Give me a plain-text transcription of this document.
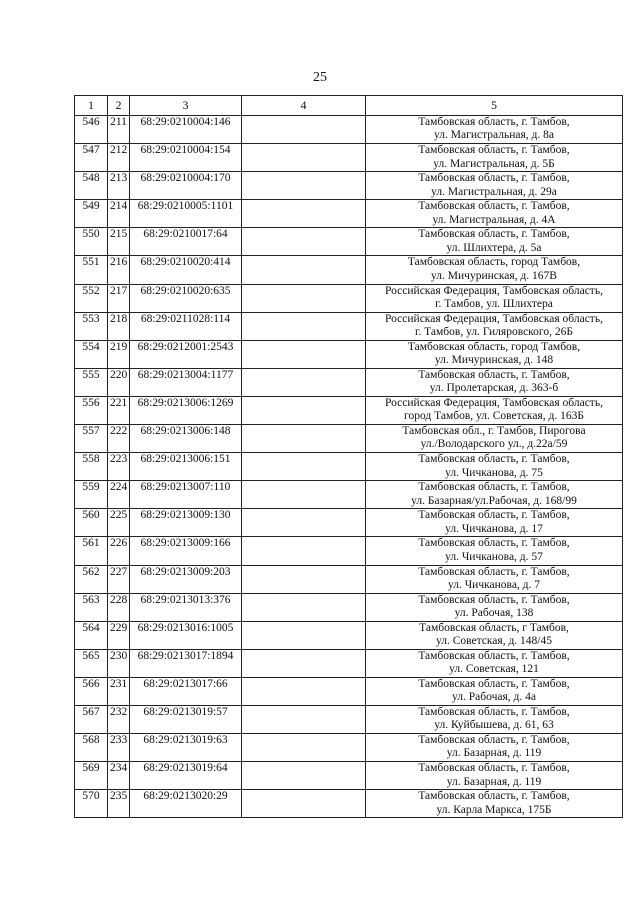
25
1	2	3	4	5
546	211	68:29:0210004:146		Тамбовская область, г. Тамбов,
ул. Магистральная, д. 8а

547	212	68:29:0210004:154		Тамбовская область, г. Тамбов,
ул. Магистральная, д. 5Б

548	213	68:29:0210004:170		Тамбовская область, г. Тамбов,
ул. Магистральная, д. 29а

549	214	68:29:0210005:1101		Тамбовская область, г. Тамбов,
ул. Магистральная, д. 4А

550	215	68:29:0210017:64		Тамбовская область, г. Тамбов,
ул. Шлихтера, д. 5а

551	216	68:29:0210020:414		Тамбовская область, город Тамбов,
ул. Мичуринская, д. 167В

552	217	68:29:0210020:635		Российская Федерация, Тамбовская область,
г. Тамбов, ул. Шлихтера

553	218	68:29:0211028:114		Российская Федерация, Тамбовская область,
г. Тамбов, ул. Гиляровского, 26Б

554	219	68:29:0212001:2543		Тамбовская область, город Тамбов,
ул. Мичуринская, д. 148

555	220	68:29:0213004:1177		Тамбовская область, г. Тамбов,
ул. Пролетарская, д. 363-б

556	221	68:29:0213006:1269		Российская Федерация, Тамбовская область,
город Тамбов, ул. Советская, д. 163Б

557	222	68:29:0213006:148		Тамбовская обл., г. Тамбов, Пирогова
ул./Володарского ул., д.22а/59

558	223	68:29:0213006:151		Тамбовская область, г. Тамбов,
ул. Чичканова, д. 75

559	224	68:29:0213007:110		Тамбовская область, г. Тамбов,
ул. Базарная/ул.Рабочая, д. 168/99

560	225	68:29:0213009:130		Тамбовская область, г. Тамбов,
ул. Чичканова, д. 17

561	226	68:29:0213009:166		Тамбовская область, г. Тамбов,
ул. Чичканова, д. 57

562	227	68:29:0213009:203		Тамбовская область, г. Тамбов,
ул. Чичканова, д. 7

563	228	68:29:0213013:376		Тамбовская область, г. Тамбов,
ул. Рабочая, 138

564	229	68:29:0213016:1005		Тамбовская область, г Тамбов,
ул. Советская, д. 148/45

565	230	68:29:0213017:1894		Тамбовская область, г. Тамбов,
ул. Советская, 121

566	231	68:29:0213017:66		Тамбовская область, г. Тамбов,
ул. Рабочая, д. 4а

567	232	68:29:0213019:57		Тамбовская область, г. Тамбов,
ул. Куйбышева, д. 61, 63

568	233	68:29:0213019:63		Тамбовская область, г. Тамбов,
ул. Базарная, д. 119

569	234	68:29:0213019:64		Тамбовская область, г. Тамбов,
ул. Базарная, д. 119

570	235	68:29:0213020:29		Тамбовская область, г. Тамбов,
ул. Карла Маркса, 175Б
